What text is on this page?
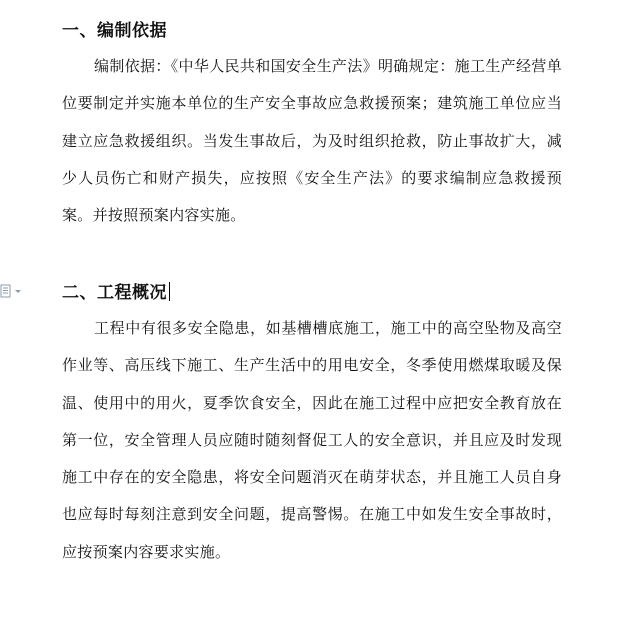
一、编制依据
编制依据：《中华人民共和国安全生产法》明确规定：施工生产经营单位要制定并实施本单位的生产安全事故应急救援预案；建筑施工单位应当建立应急救援组织。当发生事故后，为及时组织抢救，防止事故扩大，减少人员伤亡和财产损失，应按照《安全生产法》的要求编制应急救援预案。并按照预案内容实施。
二、工程概况
工程中有很多安全隐患，如基槽槽底施工，施工中的高空坠物及高空作业等、高压线下施工、生产生活中的用电安全，冬季使用燃煤取暖及保温、使用中的用火，夏季饮食安全，因此在施工过程中应把安全教育放在第一位，安全管理人员应随时随刻督促工人的安全意识，并且应及时发现施工中存在的安全隐患，将安全问题消灭在萌芽状态，并且施工人员自身也应每时每刻注意到安全问题，提高警惕。在施工中如发生安全事故时，应按预案内容要求实施。
